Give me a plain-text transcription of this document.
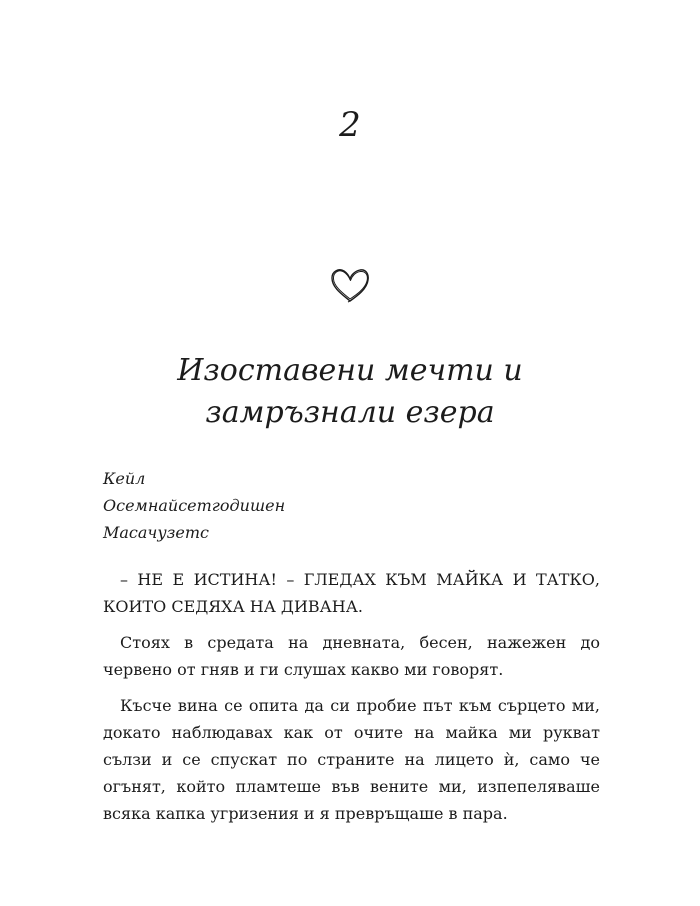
2
Изоставени мечти и
замръзнали езера
Кейл
Осемнайсетгодишен
Масачузетс

– НЕ Е ИСТИНА! – ГЛЕДАХ КЪМ МАЙКА И ТАТКО, КОИТО СЕДЯХА НА ДИВАНА.

Стоях в средата на дневната, бесен, нажежен до червено от гняв и ги слушах какво ми говорят.

Късче вина се опита да си пробие път към сърцето ми, докато наблюдавах как от очите на майка ми рукват сълзи и се спускат по страните на лицето ѝ, само че огънят, който пламтеше във вените ми, изпепеляваше всяка капка угризения и я превръщаше в пара.
